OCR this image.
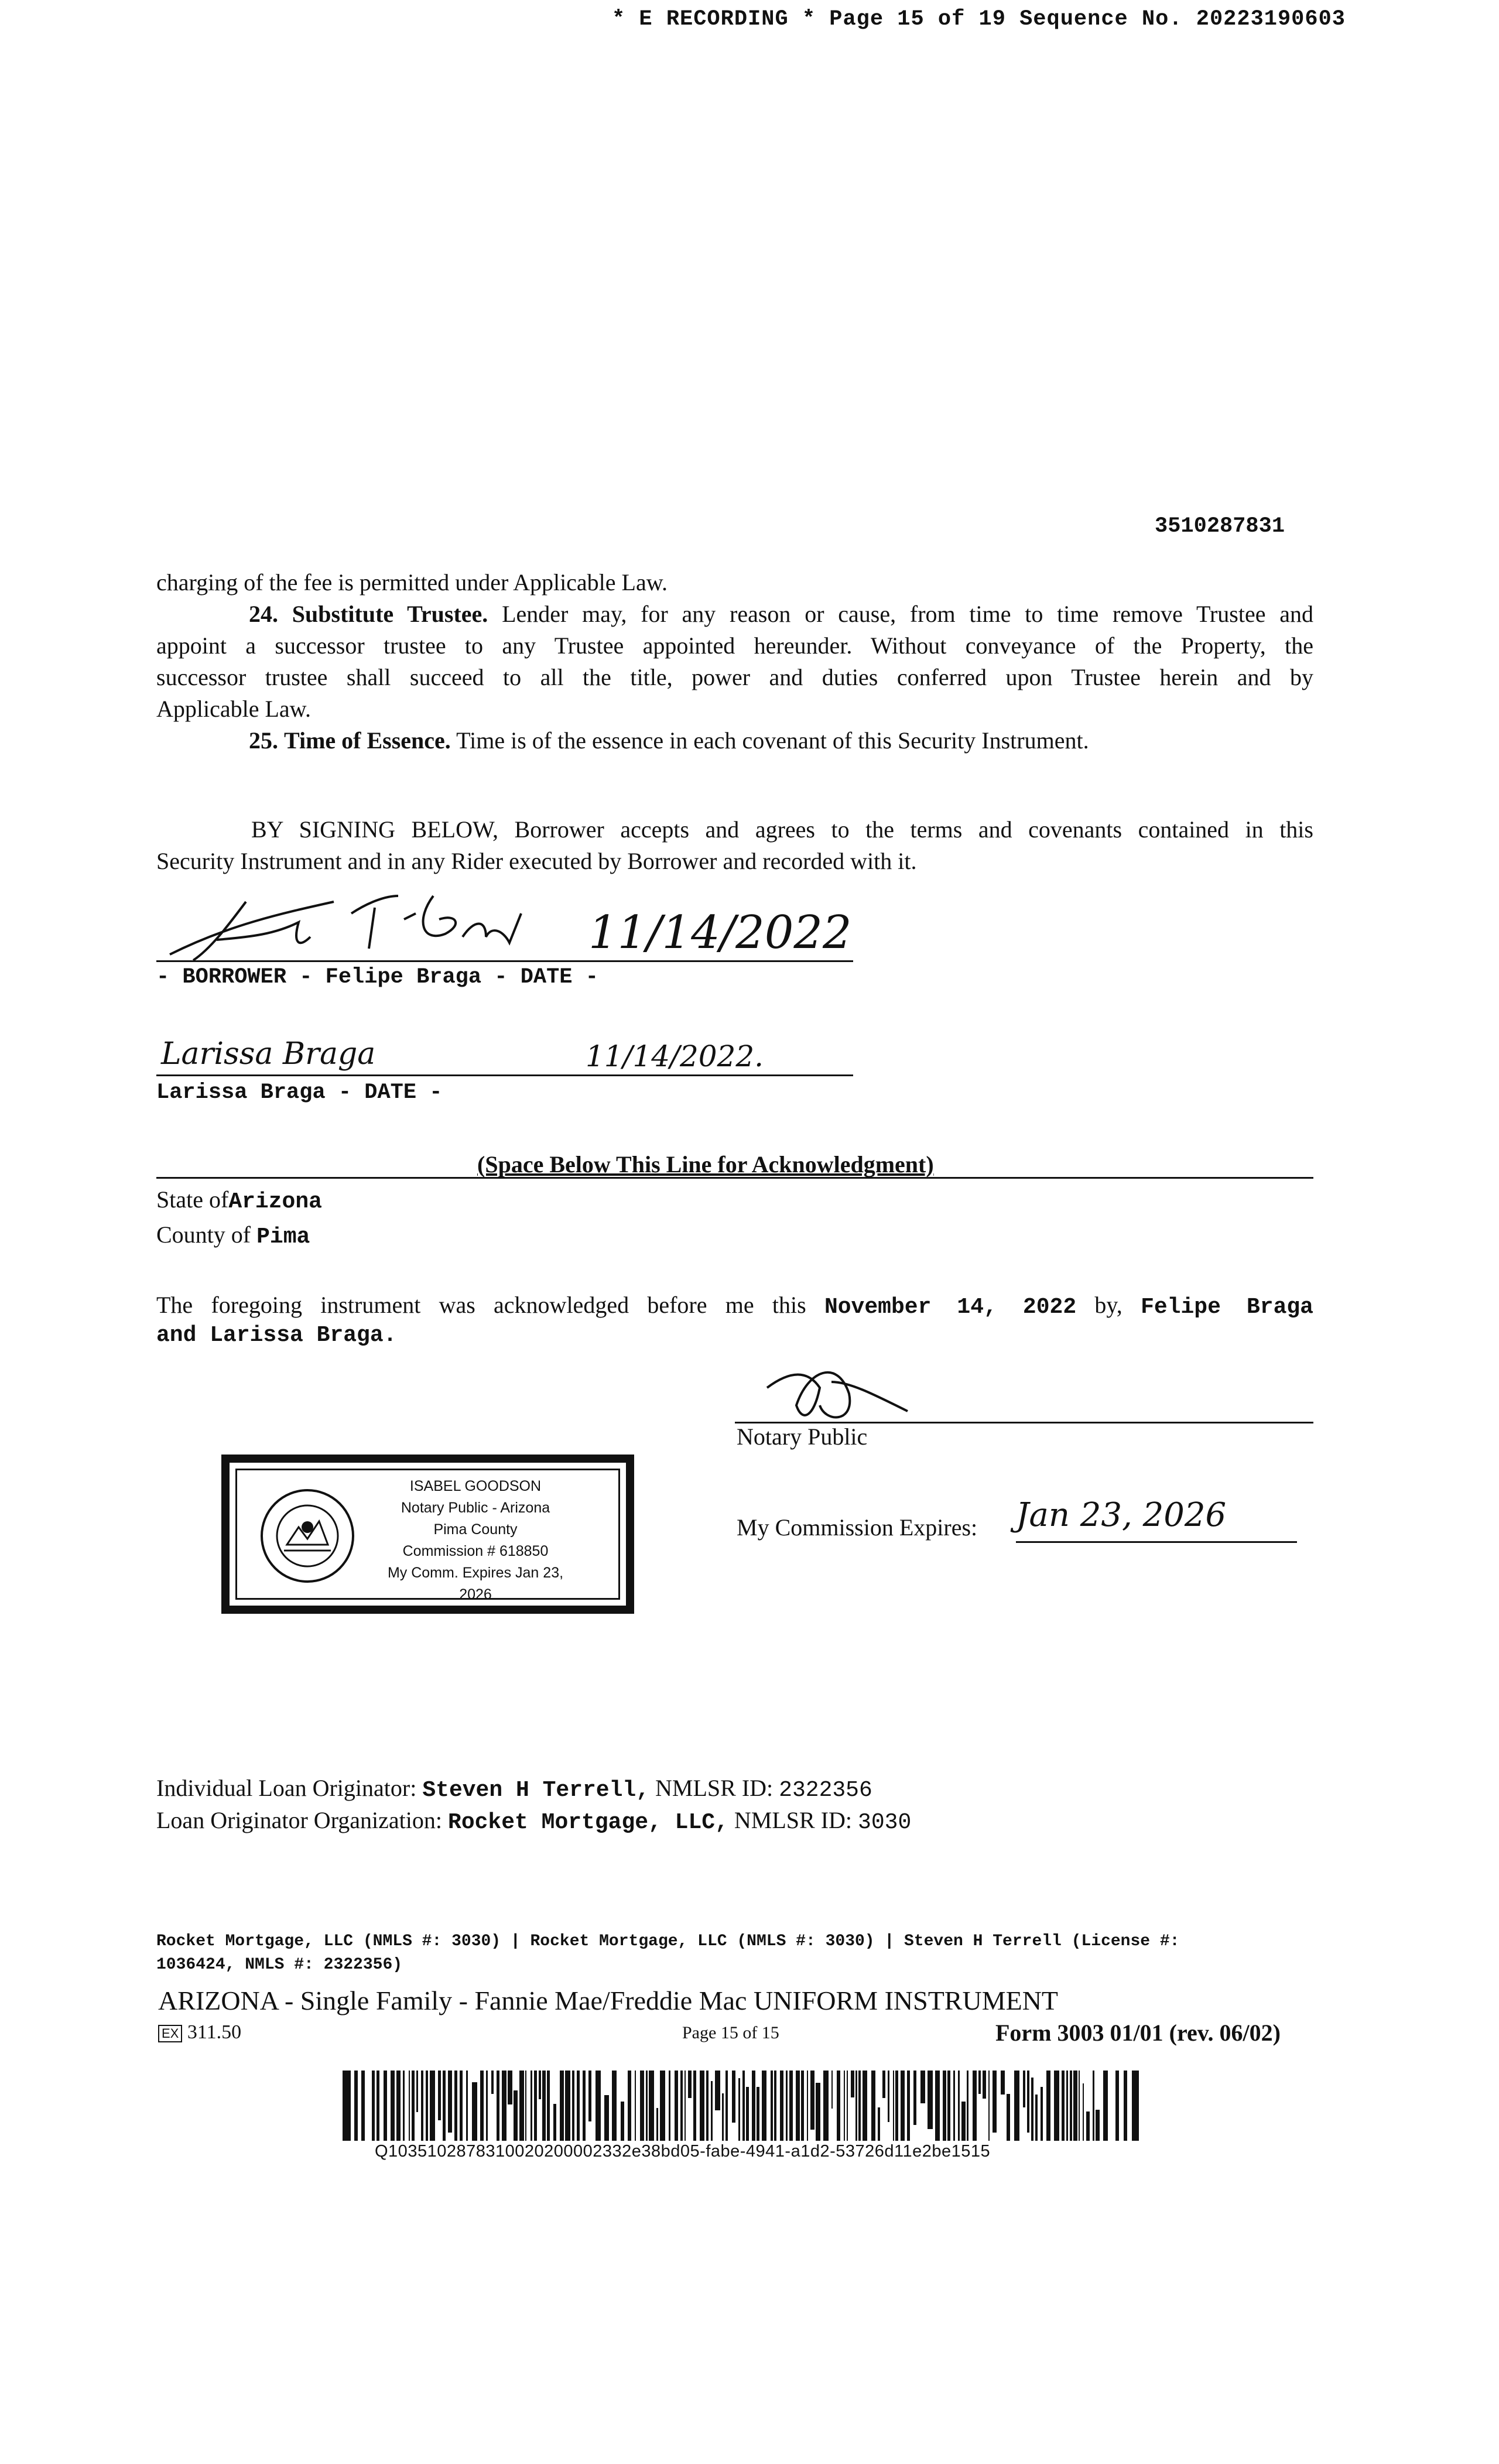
* E RECORDING * Page 15 of 19 Sequence No. 20223190603
3510287831
charging of the fee is permitted under Applicable Law.
24. Substitute Trustee. Lender may, for any reason or cause, from time to time remove Trustee and
appoint a successor trustee to any Trustee appointed hereunder. Without conveyance of the Property, the
successor trustee shall succeed to all the title, power and duties conferred upon Trustee herein and by
Applicable Law.
25. Time of Essence. Time is of the essence in each covenant of this Security Instrument.
BY SIGNING BELOW, Borrower accepts and agrees to the terms and covenants contained in this
Security Instrument and in any Rider executed by Borrower and recorded with it.
11/14/2022
- BORROWER - Felipe Braga - DATE -
Larissa Braga	11/14/2022.
Larissa Braga - DATE -
(Space Below This Line for Acknowledgment)
State ofArizona
County of Pima
The foregoing instrument was acknowledged before me this November 14, 2022 by, Felipe Braga
and Larissa Braga.
Notary Public
My Commission Expires: Jan 23, 2026
ISABEL GOODSON
Notary Public - Arizona
Pima County
Commission # 618850
My Comm. Expires Jan 23, 2026
Individual Loan Originator: Steven H Terrell, NMLSR ID: 2322356
Loan Originator Organization: Rocket Mortgage, LLC, NMLSR ID: 3030
Rocket Mortgage, LLC (NMLS #: 3030) | Rocket Mortgage, LLC (NMLS #: 3030) | Steven H Terrell (License #:
1036424, NMLS #: 2322356)
ARIZONA - Single Family - Fannie Mae/Freddie Mac UNIFORM INSTRUMENT
EX 311.50	Page 15 of 15	Form 3003 01/01 (rev. 06/02)
Q1035102878310020200002332e38bd05-fabe-4941-a1d2-53726d11e2be1515
